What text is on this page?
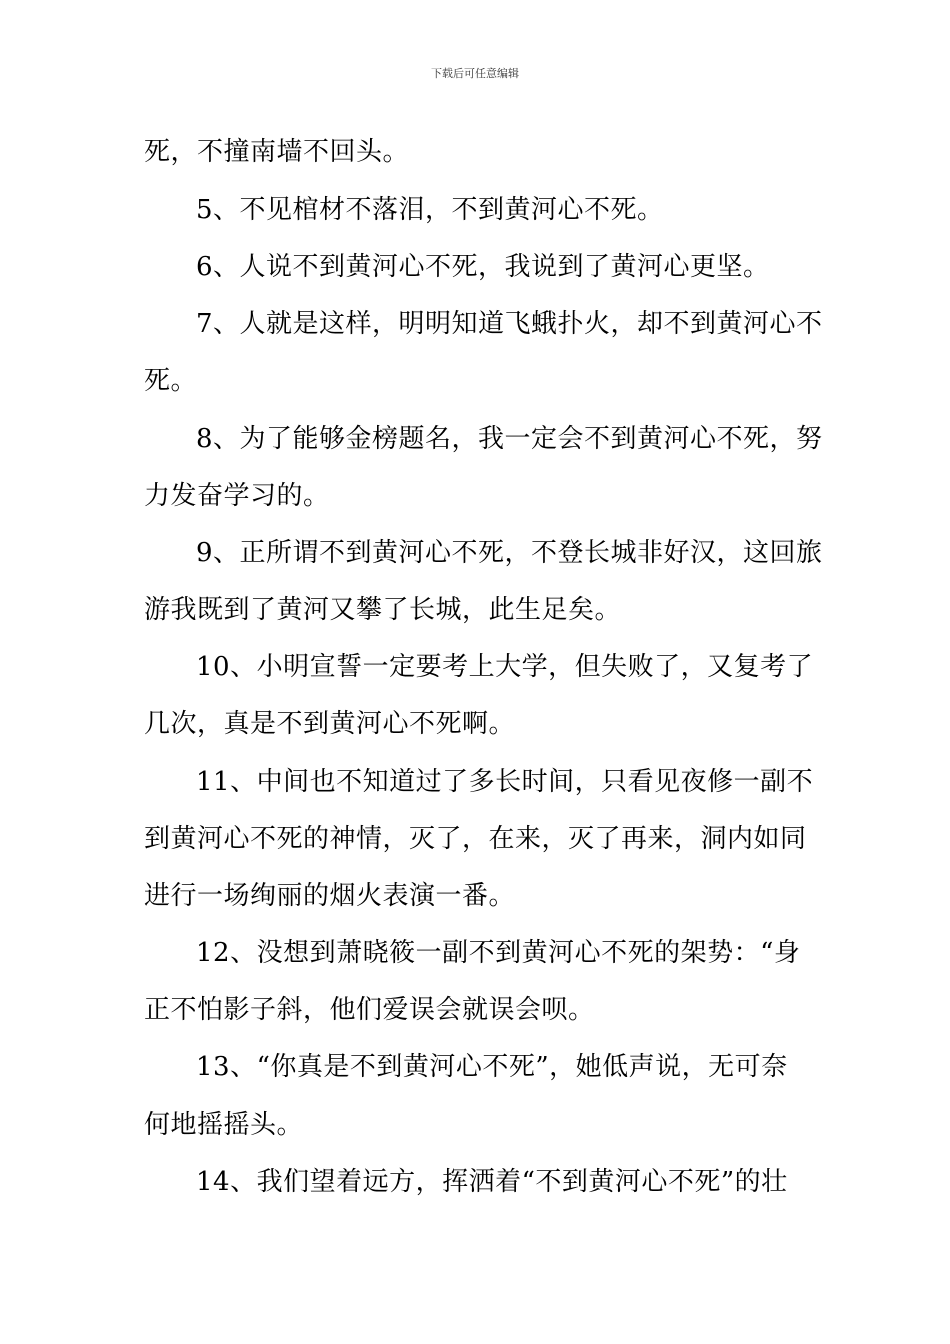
下载后可任意编辑
死，不撞南墙不回头。
5、不见棺材不落泪，不到黄河心不死。
6、人说不到黄河心不死，我说到了黄河心更坚。
7、人就是这样，明明知道飞蛾扑火，却不到黄河心不
死。
8、为了能够金榜题名，我一定会不到黄河心不死，努
力发奋学习的。
9、正所谓不到黄河心不死，不登长城非好汉，这回旅
游我既到了黄河又攀了长城，此生足矣。
10、小明宣誓一定要考上大学，但失败了，又复考了
几次，真是不到黄河心不死啊。
11、中间也不知道过了多长时间，只看见夜修一副不
到黄河心不死的神情，灭了，在来，灭了再来，洞内如同
进行一场绚丽的烟火表演一番。
12、没想到萧晓筱一副不到黄河心不死的架势：“身
正不怕影子斜，他们爱误会就误会呗。
13、“你真是不到黄河心不死”，她低声说，无可奈
何地摇摇头。
14、我们望着远方，挥洒着“不到黄河心不死”的壮
